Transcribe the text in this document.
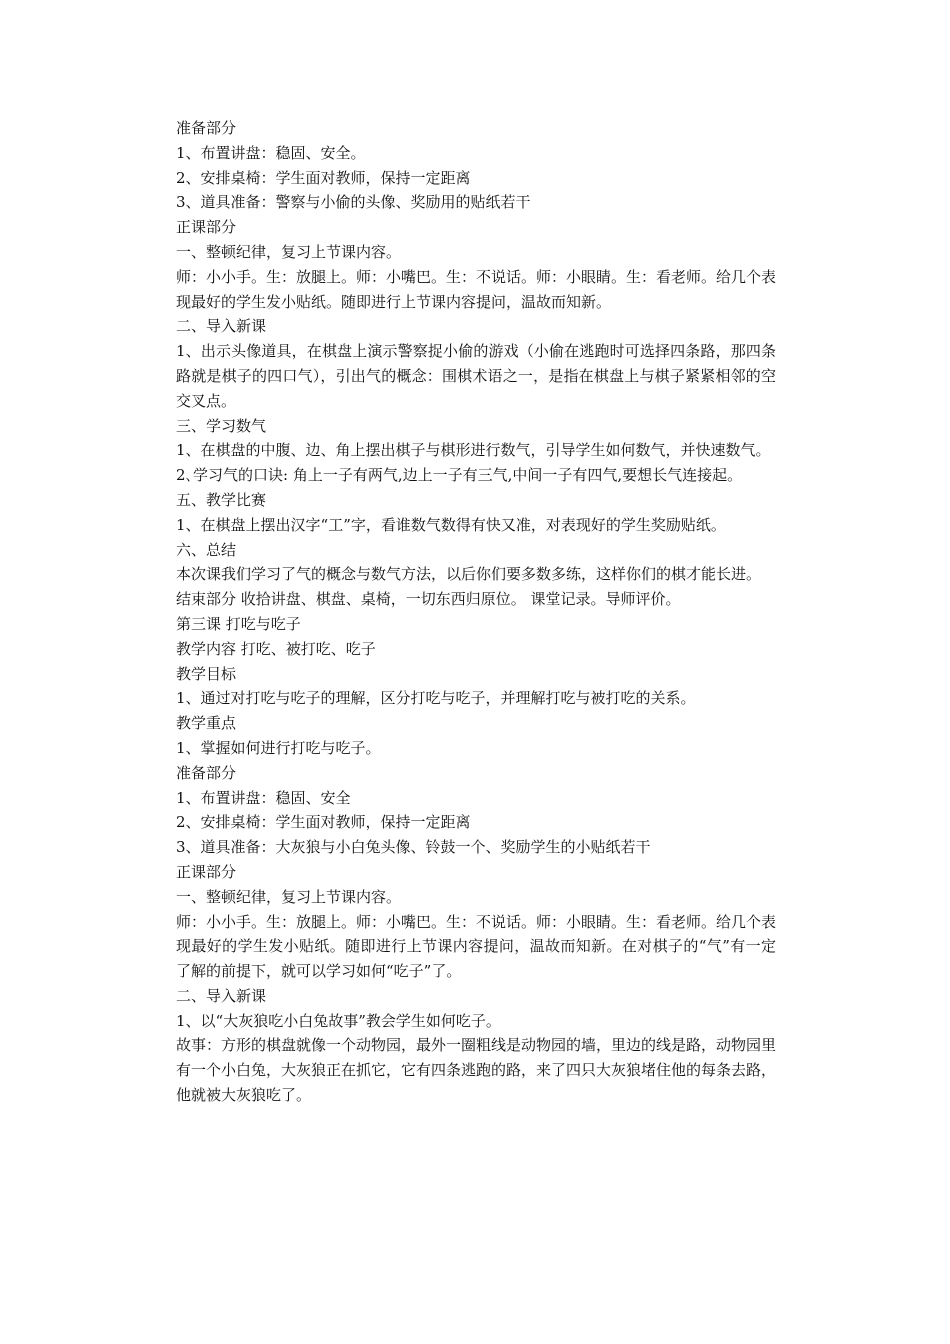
准备部分

1、布置讲盘：稳固、安全。

2、安排桌椅：学生面对教师，保持一定距离

3、道具准备：警察与小偷的头像、奖励用的贴纸若干

正课部分

一、整顿纪律，复习上节课内容。

师：小小手。生：放腿上。师：小嘴巴。生：不说话。师：小眼睛。生：看老师。给几个表现最好的学生发小贴纸。随即进行上节课内容提问，温故而知新。

二、导入新课

1、出示头像道具，在棋盘上演示警察捉小偷的游戏（小偷在逃跑时可选择四条路，那四条路就是棋子的四口气），引出气的概念：围棋术语之一，是指在棋盘上与棋子紧紧相邻的空交叉点。

三、学习数气

1、在棋盘的中腹、边、角上摆出棋子与棋形进行数气，引导学生如何数气，并快速数气。

2､学习气的口诀: 角上一子有两气,边上一子有三气,中间一子有四气,要想长气连接起。

五、教学比赛

1、在棋盘上摆出汉字“工”字，看谁数气数得有快又准，对表现好的学生奖励贴纸。

六、总结

本次课我们学习了气的概念与数气方法，以后你们要多数多练，这样你们的棋才能长进。

结束部分 收拾讲盘、棋盘、桌椅，一切东西归原位。 课堂记录。导师评价。

第三课 打吃与吃子

教学内容 打吃、被打吃、吃子

教学目标

1、通过对打吃与吃子的理解，区分打吃与吃子，并理解打吃与被打吃的关系。

教学重点

1、掌握如何进行打吃与吃子。

准备部分

1、布置讲盘：稳固、安全

2、安排桌椅：学生面对教师，保持一定距离

3、道具准备：大灰狼与小白兔头像、铃鼓一个、奖励学生的小贴纸若干

正课部分

一、整顿纪律，复习上节课内容。

师：小小手。生：放腿上。师：小嘴巴。生：不说话。师：小眼睛。生：看老师。给几个表现最好的学生发小贴纸。随即进行上节课内容提问，温故而知新。在对棋子的“气”有一定了解的前提下，就可以学习如何“吃子”了。

二、导入新课

1、以“大灰狼吃小白兔故事”教会学生如何吃子。

故事：方形的棋盘就像一个动物园，最外一圈粗线是动物园的墙，里边的线是路，动物园里有一个小白兔，大灰狼正在抓它，它有四条逃跑的路，来了四只大灰狼堵住他的每条去路，他就被大灰狼吃了。
